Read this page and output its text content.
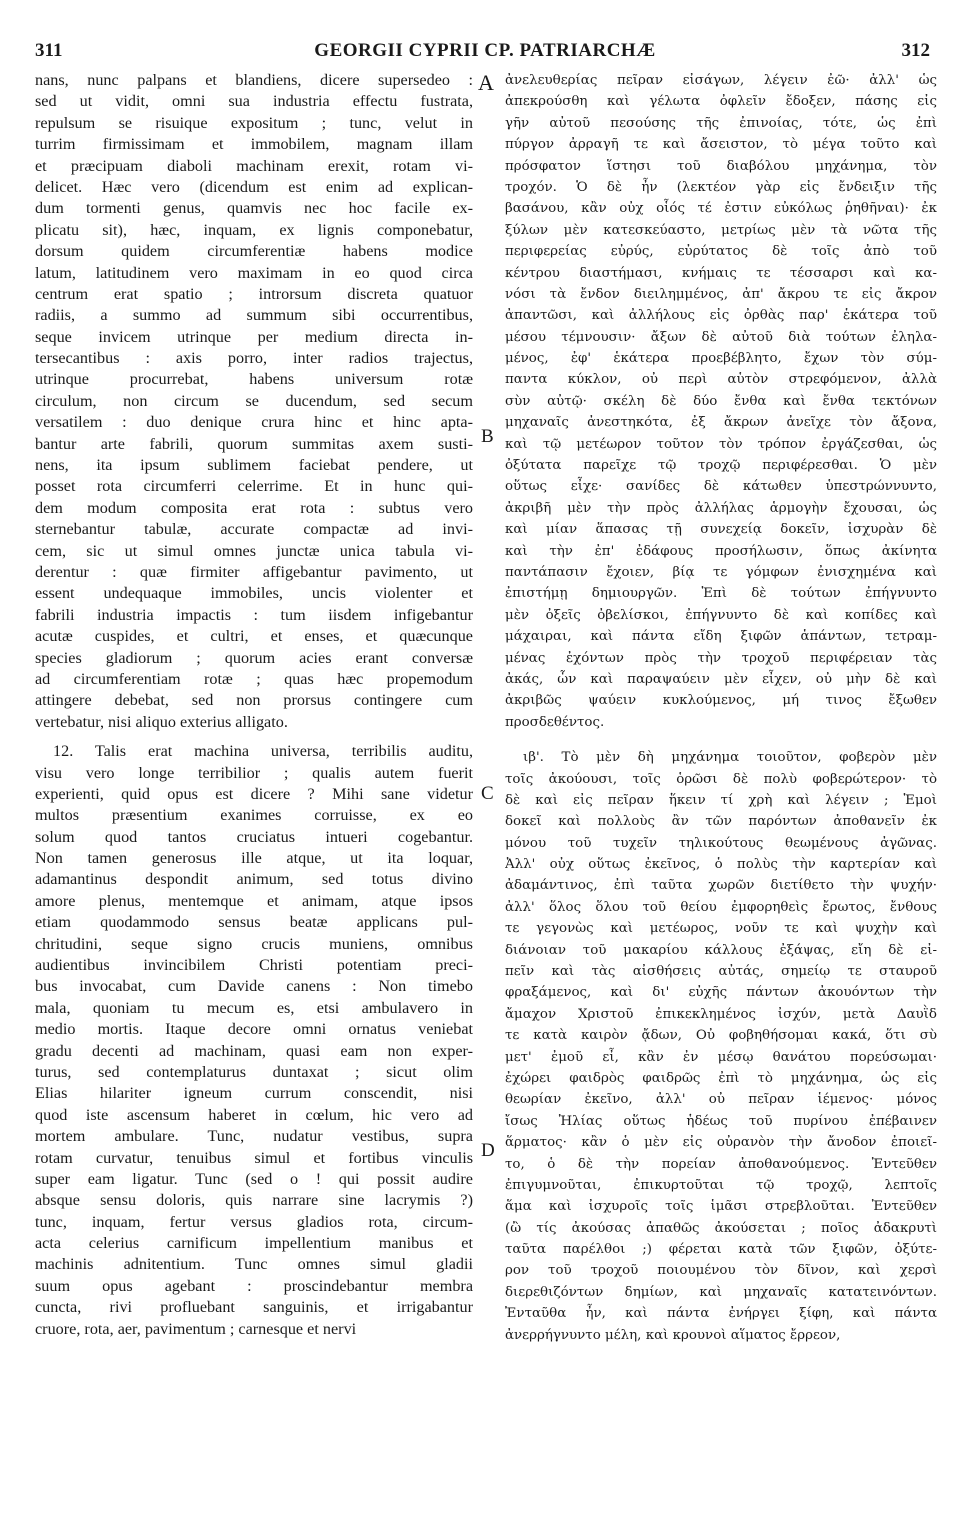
311	GEORGII CYPRII CP. PATRIARCHÆ	312
A
B
C
D
nans, nunc palpans et blandiens, dicere supersedeo :
sed ut vidit, omni sua industria effectu fustrata,
repulsum se risuique expositum ; tunc, velut in
turrim firmissimam et immobilem, magnam illam
et præcipuam diaboli machinam erexit, rotam vi-
delicet. Hæc vero (dicendum est enim ad explican-
dum tormenti genus, quamvis nec hoc facile ex-
plicatu sit), hæc, inquam, ex lignis componebatur,
dorsum quidem circumferentiæ habens modice
latum, latitudinem vero maximam in eo quod circa
centrum erat spatio ; introrsum discreta quatuor
radiis, a summo ad summum sibi occurrentibus,
seque invicem utrinque per medium directa in-
tersecantibus : axis porro, inter radios trajectus,
utrinque procurrebat, habens universum rotæ
circulum, non circum se ducendum, sed secum
versatilem : duo denique crura hinc et hinc apta-
bantur arte fabrili, quorum summitas axem susti-
nens, ita ipsum sublimem faciebat pendere, ut
posset rota circumferri celerrime. Et in hunc qui-
dem modum composita erat rota : subtus vero
sternebantur tabulæ, accurate compactæ ad invi-
cem, sic ut simul omnes junctæ unica tabula vi-
derentur : quæ firmiter affigebantur pavimento, ut
essent undequaque immobiles, uncis violenter et
fabrili industria impactis : tum iisdem infigebantur
acutæ cuspides, et cultri, et enses, et quæcunque
species gladiorum ; quorum acies erant conversæ
ad circumferentiam rotæ ; quas hæc propemodum
attingere debebat, sed non prorsus contingere cum
vertebatur, nisi aliquo exterius alligato.
12. Talis erat machina universa, terribilis auditu,
visu vero longe terribilior ; qualis autem fuerit
experienti, quid opus est dicere ? Mihi sane videtur
multos præsentium exanimes corruisse, ex eo
solum quod tantos cruciatus intueri cogebantur.
Non tamen generosus ille atque, ut ita loquar,
adamantinus despondit animum, sed totus divino
amore plenus, mentemque et animam, atque ipsos
etiam quodammodo sensus beatæ applicans pul-
chritudini, seque signo crucis muniens, omnibus
audientibus invincibilem Christi potentiam preci-
bus invocabat, cum Davide canens : Non timebo
mala, quoniam tu mecum es, etsi ambulavero in
medio mortis. Itaque decore omni ornatus veniebat
gradu decenti ad machinam, quasi eam non exper-
turus, sed contemplaturus duntaxat ; sicut olim
Elias hilariter igneum currum conscendit, nisi
quod iste ascensum haberet in cœlum, hic vero ad
mortem ambulare. Tunc, nudatur vestibus, supra
rotam curvatur, tenuibus simul et fortibus vinculis
super eam ligatur. Tunc (sed o ! qui possit audire
absque sensu doloris, quis narrare sine lacrymis ?)
tunc, inquam, fertur versus gladios rota, circum-
acta celerius carnificum impellentium manibus et
machinis adnitentium. Tunc omnes simul gladii
suum opus agebant : proscindebantur membra
cuncta, rivi profluebant sanguinis, et irrigabantur
cruore, rota, aer, pavimentum ; carnesque et nervi
ἀνελευθερίας πεῖραν εἰσάγων, λέγειν ἐῶ· ἀλλ' ὡς
ἀπεκρούσθη καὶ γέλωτα ὀφλεῖν ἔδοξεν, πάσης εἰς
γῆν αὐτοῦ πεσούσης τῆς ἐπινοίας, τότε, ὡς ἐπὶ
πύργον ἀρραγῆ τε καὶ ἄσειστον, τὸ μέγα τοῦτο καὶ
πρόσφατον ἵστησι τοῦ διαβόλου μηχάνημα, τὸν
τροχόν. Ὁ δὲ ἦν (λεκτέον γὰρ εἰς ἔνδειξιν τῆς
βασάνου, κἂν οὐχ οἷός τέ ἐστιν εὐκόλως ῥηθῆναι)· ἐκ
ξύλων μὲν κατεσκεύαστο, μετρίως μὲν τὰ νῶτα τῆς
περιφερείας εὐρύς, εὐρύτατος δὲ τοῖς ἀπὸ τοῦ
κέντρου διαστήμασι, κνήμαις τε τέσσαρσι καὶ κα-
νόσι τὰ ἔνδον διειλημμένος, ἀπ' ἄκρου τε εἰς ἄκρον
ἀπαντῶσι, καὶ ἀλλήλους εἰς ὀρθὰς παρ' ἑκάτερα τοῦ
μέσου τέμνουσιν· ἄξων δὲ αὐτοῦ διὰ τούτων ἐληλα-
μένος, ἐφ' ἑκάτερα προεβέβλητο, ἔχων τὸν σύμ-
παντα κύκλον, οὐ περὶ αὑτὸν στρεφόμενον, ἀλλὰ
σὺν αὐτῷ· σκέλη δὲ δύο ἔνθα καὶ ἔνθα τεκτόνων
μηχαναῖς ἀνεστηκότα, ἐξ ἄκρων ἀνεῖχε τὸν ἄξονα,
καὶ τῷ μετέωρον τοῦτον τὸν τρόπον ἐργάζεσθαι, ὡς
ὀξύτατα παρεῖχε τῷ τροχῷ περιφέρεσθαι. Ὁ μὲν
οὕτως εἶχε· σανίδες δὲ κάτωθεν ὑπεστρώννυντο,
ἀκριβῆ μὲν τὴν πρὸς ἀλλήλας ἁρμογὴν ἔχουσαι, ὡς
καὶ μίαν ἅπασας τῇ συνεχείᾳ δοκεῖν, ἰσχυρὰν δὲ
καὶ τὴν ἐπ' ἐδάφους προσήλωσιν, ὅπως ἀκίνητα
παντάπασιν ἔχοιεν, βίᾳ τε γόμφων ἐνισχημένα καὶ
ἐπιστήμῃ δημιουργῶν. Ἐπὶ δὲ τούτων ἐπήγνυντο
μὲν ὀξεῖς ὀβελίσκοι, ἐπήγνυντο δὲ καὶ κοπίδες καὶ
μάχαιραι, καὶ πάντα εἴδη ξιφῶν ἁπάντων, τετραμ-
μένας ἐχόντων πρὸς τὴν τροχοῦ περιφέρειαν τὰς
ἀκάς, ὧν καὶ παραψαύειν μὲν εἶχεν, οὐ μὴν δὲ καὶ
ἀκριβῶς ψαύειν κυκλούμενος, μή τινος ἔξωθεν
προσδεθέντος.
ιβ'. Τὸ μὲν δὴ μηχάνημα τοιοῦτον, φοβερὸν μὲν
τοῖς ἀκούουσι, τοῖς ὁρῶσι δὲ πολὺ φοβερώτερον· τὸ
δὲ καὶ εἰς πεῖραν ἥκειν τί χρὴ καὶ λέγειν ; Ἐμοὶ
δοκεῖ καὶ πολλοὺς ἂν τῶν παρόντων ἀποθανεῖν ἐκ
μόνου τοῦ τυχεῖν τηλικούτους θεωμένους ἀγῶνας.
Ἀλλ' οὐχ οὕτως ἐκεῖνος, ὁ πολὺς τὴν καρτερίαν καὶ
ἀδαμάντινος, ἐπὶ ταῦτα χωρῶν διετίθετο τὴν ψυχήν·
ἀλλ' ὅλος ὅλου τοῦ θείου ἐμφορηθεὶς ἔρωτος, ἔνθους
τε γεγονὼς καὶ μετέωρος, νοῦν τε καὶ ψυχὴν καὶ
διάνοιαν τοῦ μακαρίου κάλλους ἐξάψας, εἴη δὲ εἰ-
πεῖν καὶ τὰς αἰσθήσεις αὐτάς, σημείῳ τε σταυροῦ
φραξάμενος, καὶ δι' εὐχῆς πάντων ἀκουόντων τὴν
ἄμαχον Χριστοῦ ἐπικεκλημένος ἰσχύν, μετὰ Δαυῒδ
τε κατὰ καιρὸν ᾄδων, Οὐ φοβηθήσομαι κακά, ὅτι σὺ
μετ' ἐμοῦ εἶ, κἂν ἐν μέσῳ θανάτου πορεύσωμαι·
ἐχώρει φαιδρὸς φαιδρῶς ἐπὶ τὸ μηχάνημα, ὡς εἰς
θεωρίαν ἐκεῖνο, ἀλλ' οὐ πεῖραν ἱέμενος· μόνος
ἴσως Ἠλίας οὕτως ἡδέως τοῦ πυρίνου ἐπέβαινεν
ἅρματος· κἂν ὁ μὲν εἰς οὐρανὸν τὴν ἄνοδον ἐποιεῖ-
το, ὁ δὲ τὴν πορείαν ἀποθανούμενος. Ἐντεῦθεν
ἐπιγυμνοῦται, ἐπικυρτοῦται τῷ τροχῷ, λεπτοῖς
ἅμα καὶ ἰσχυροῖς τοῖς ἱμᾶσι στρεβλοῦται. Ἐντεῦθεν
(ὢ τίς ἀκούσας ἀπαθῶς ἀκούσεται ; ποῖος ἀδακρυτὶ
ταῦτα παρέλθοι ;) φέρεται κατὰ τῶν ξιφῶν, ὀξύτε-
ρον τοῦ τροχοῦ ποιουμένου τὸν δῖνον, καὶ χερσὶ
διερεθιζόντων δημίων, καὶ μηχαναῖς κατατεινόντων.
Ἐνταῦθα ἦν, καὶ πάντα ἐνήργει ξίφη, καὶ πάντα
ἀνερρήγνυντο μέλη, καὶ κρουνοὶ αἵματος ἔρρεον,
